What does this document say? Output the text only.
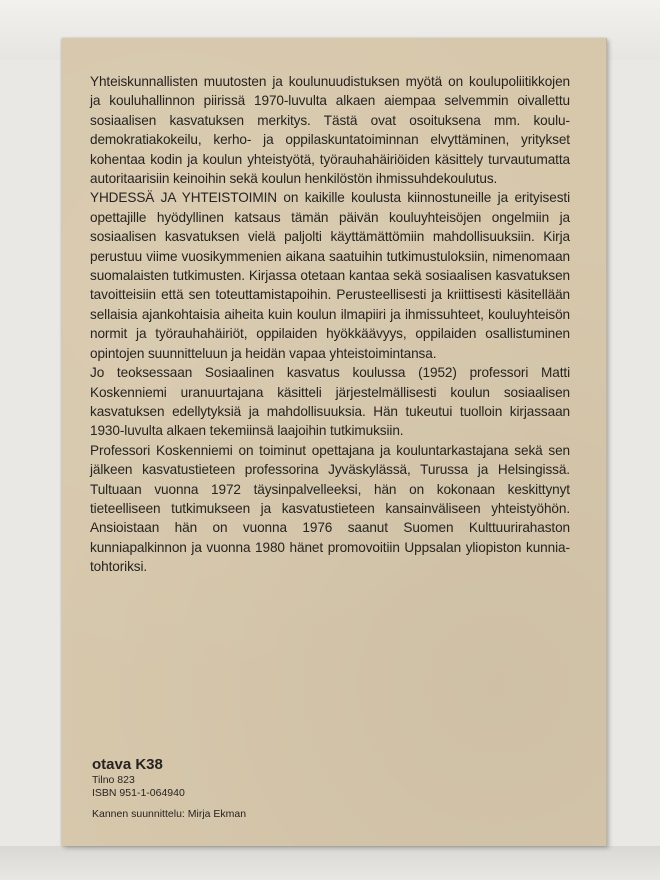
Yhteiskunnallisten muutosten ja koulunuudistuksen myötä on koulupoliitikkojen ja kouluhallinnon piirissä 1970-luvulta alkaen aiempaa selvemmin oivallettu sosiaalisen kasvatuksen merkitys. Tästä ovat osoituksena mm. kouludemokratiakokeilu, kerho- ja oppilaskuntatoiminnan elvyttäminen, yritykset kohentaa kodin ja koulun yhteistyötä, työrauhahäiriöiden käsittely turvautumatta autoritaarisiin keinoihin sekä koulun henkilöstön ihmissuhdekoulutus.

YHDESSÄ JA YHTEISTOIMIN on kaikille koulusta kiinnostuneille ja erityisesti opettajille hyödyllinen katsaus tämän päivän kouluyhteisöjen ongelmiin ja sosiaalisen kasvatuksen vielä paljolti käyttämättömiin mahdollisuuksiin. Kirja perustuu viime vuosikymmenien aikana saatuihin tutkimustuloksiin, nimenomaan suomalaisten tutkimusten. Kirjassa otetaan kantaa sekä sosiaalisen kasvatuksen tavoitteisiin että sen toteuttamistapoihin. Perusteellisesti ja kriittisesti käsitellään sellaisia ajankohtaisia aiheita kuin koulun ilmapiiri ja ihmissuhteet, kouluyhteisön normit ja työrauhahäiriöt, oppilaiden hyökkäävyys, oppilaiden osallistuminen opintojen suunnitteluun ja heidän vapaa yhteistoimintansa.

Jo teoksessaan Sosiaalinen kasvatus koulussa (1952) professori Matti Koskenniemi uranuurtajana käsitteli järjestelmällisesti koulun sosiaalisen kasvatuksen edellytyksiä ja mahdollisuuksia. Hän tukeutui tuolloin kirjassaan 1930-luvulta alkaen tekemiinsä laajoihin tutkimuksiin.

Professori Koskenniemi on toiminut opettajana ja kouluntarkastajana sekä sen jälkeen kasvatustieteen professorina Jyväskylässä, Turussa ja Helsingissä. Tultuaan vuonna 1972 täysinpalvelleeksi, hän on kokonaan keskittynyt tieteelliseen tutkimukseen ja kasvatustieteen kansainväliseen yhteistyöhön. Ansioistaan hän on vuonna 1976 saanut Suomen Kulttuurirahaston kunniapalkinnon ja vuonna 1980 hänet promovoitiin Uppsalan yliopiston kunniatohtoriksi.

otava K38
Tilno 823
ISBN 951-1-064940
Kannen suunnittelu: Mirja Ekman
